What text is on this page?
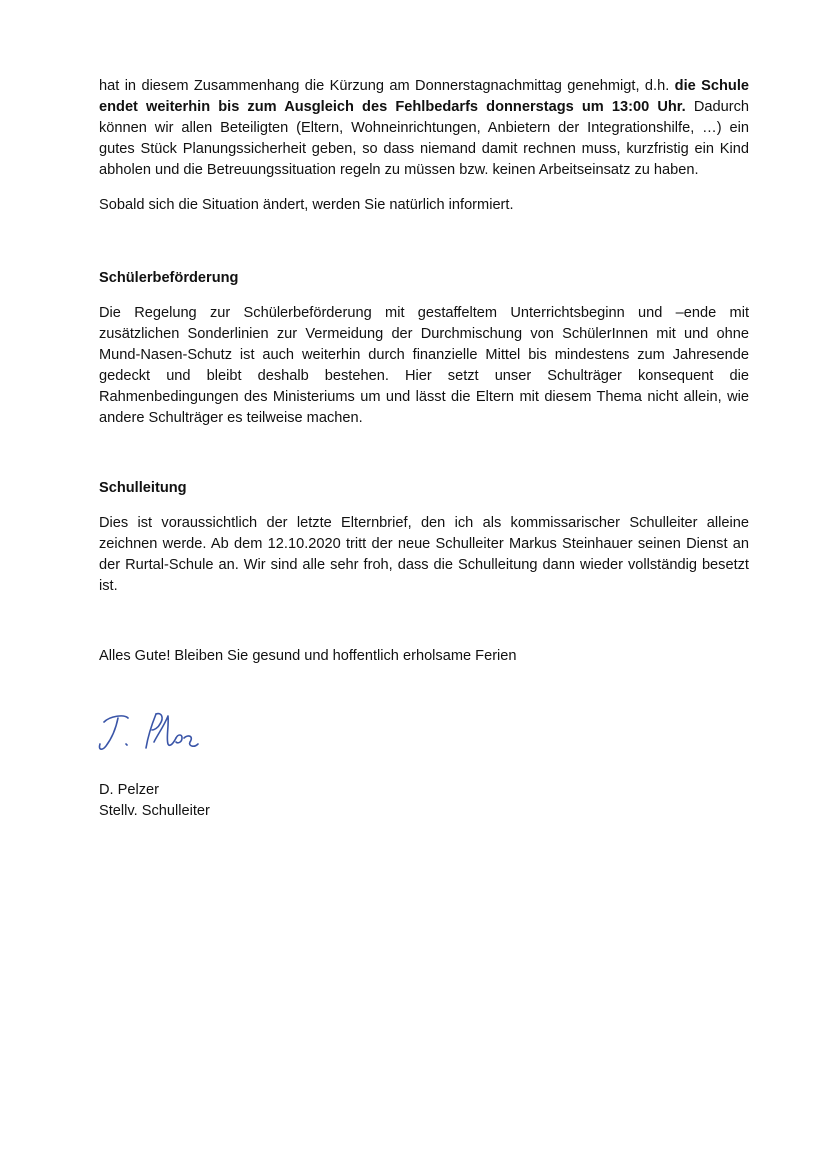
hat in diesem Zusammenhang die Kürzung am Donnerstagnachmittag genehmigt, d.h. die Schule endet weiterhin bis zum Ausgleich des Fehlbedarfs donnerstags um 13:00 Uhr. Dadurch können wir allen Beteiligten (Eltern, Wohneinrichtungen, Anbietern der Integrationshilfe, …) ein gutes Stück Planungssicherheit geben, so dass niemand damit rechnen muss, kurzfristig ein Kind abholen und die Betreuungssituation regeln zu müssen bzw. keinen Arbeitseinsatz zu haben.

Sobald sich die Situation ändert, werden Sie natürlich informiert.

Schülerbeförderung

Die Regelung zur Schülerbeförderung mit gestaffeltem Unterrichtsbeginn und –ende mit zusätzlichen Sonderlinien zur Vermeidung der Durchmischung von SchülerInnen mit und ohne Mund-Nasen-Schutz ist auch weiterhin durch finanzielle Mittel bis mindestens zum Jahresende gedeckt und bleibt deshalb bestehen. Hier setzt unser Schulträger konsequent die Rahmenbedingungen des Ministeriums um und lässt die Eltern mit diesem Thema nicht allein, wie andere Schulträger es teilweise machen.

Schulleitung

Dies ist voraussichtlich der letzte Elternbrief, den ich als kommissarischer Schulleiter alleine zeichnen werde. Ab dem 12.10.2020 tritt der neue Schulleiter Markus Steinhauer seinen Dienst an der Rurtal-Schule an. Wir sind alle sehr froh, dass die Schulleitung dann wieder vollständig besetzt ist.

Alles Gute! Bleiben Sie gesund und hoffentlich erholsame Ferien

D. Pelzer
Stellv. Schulleiter
